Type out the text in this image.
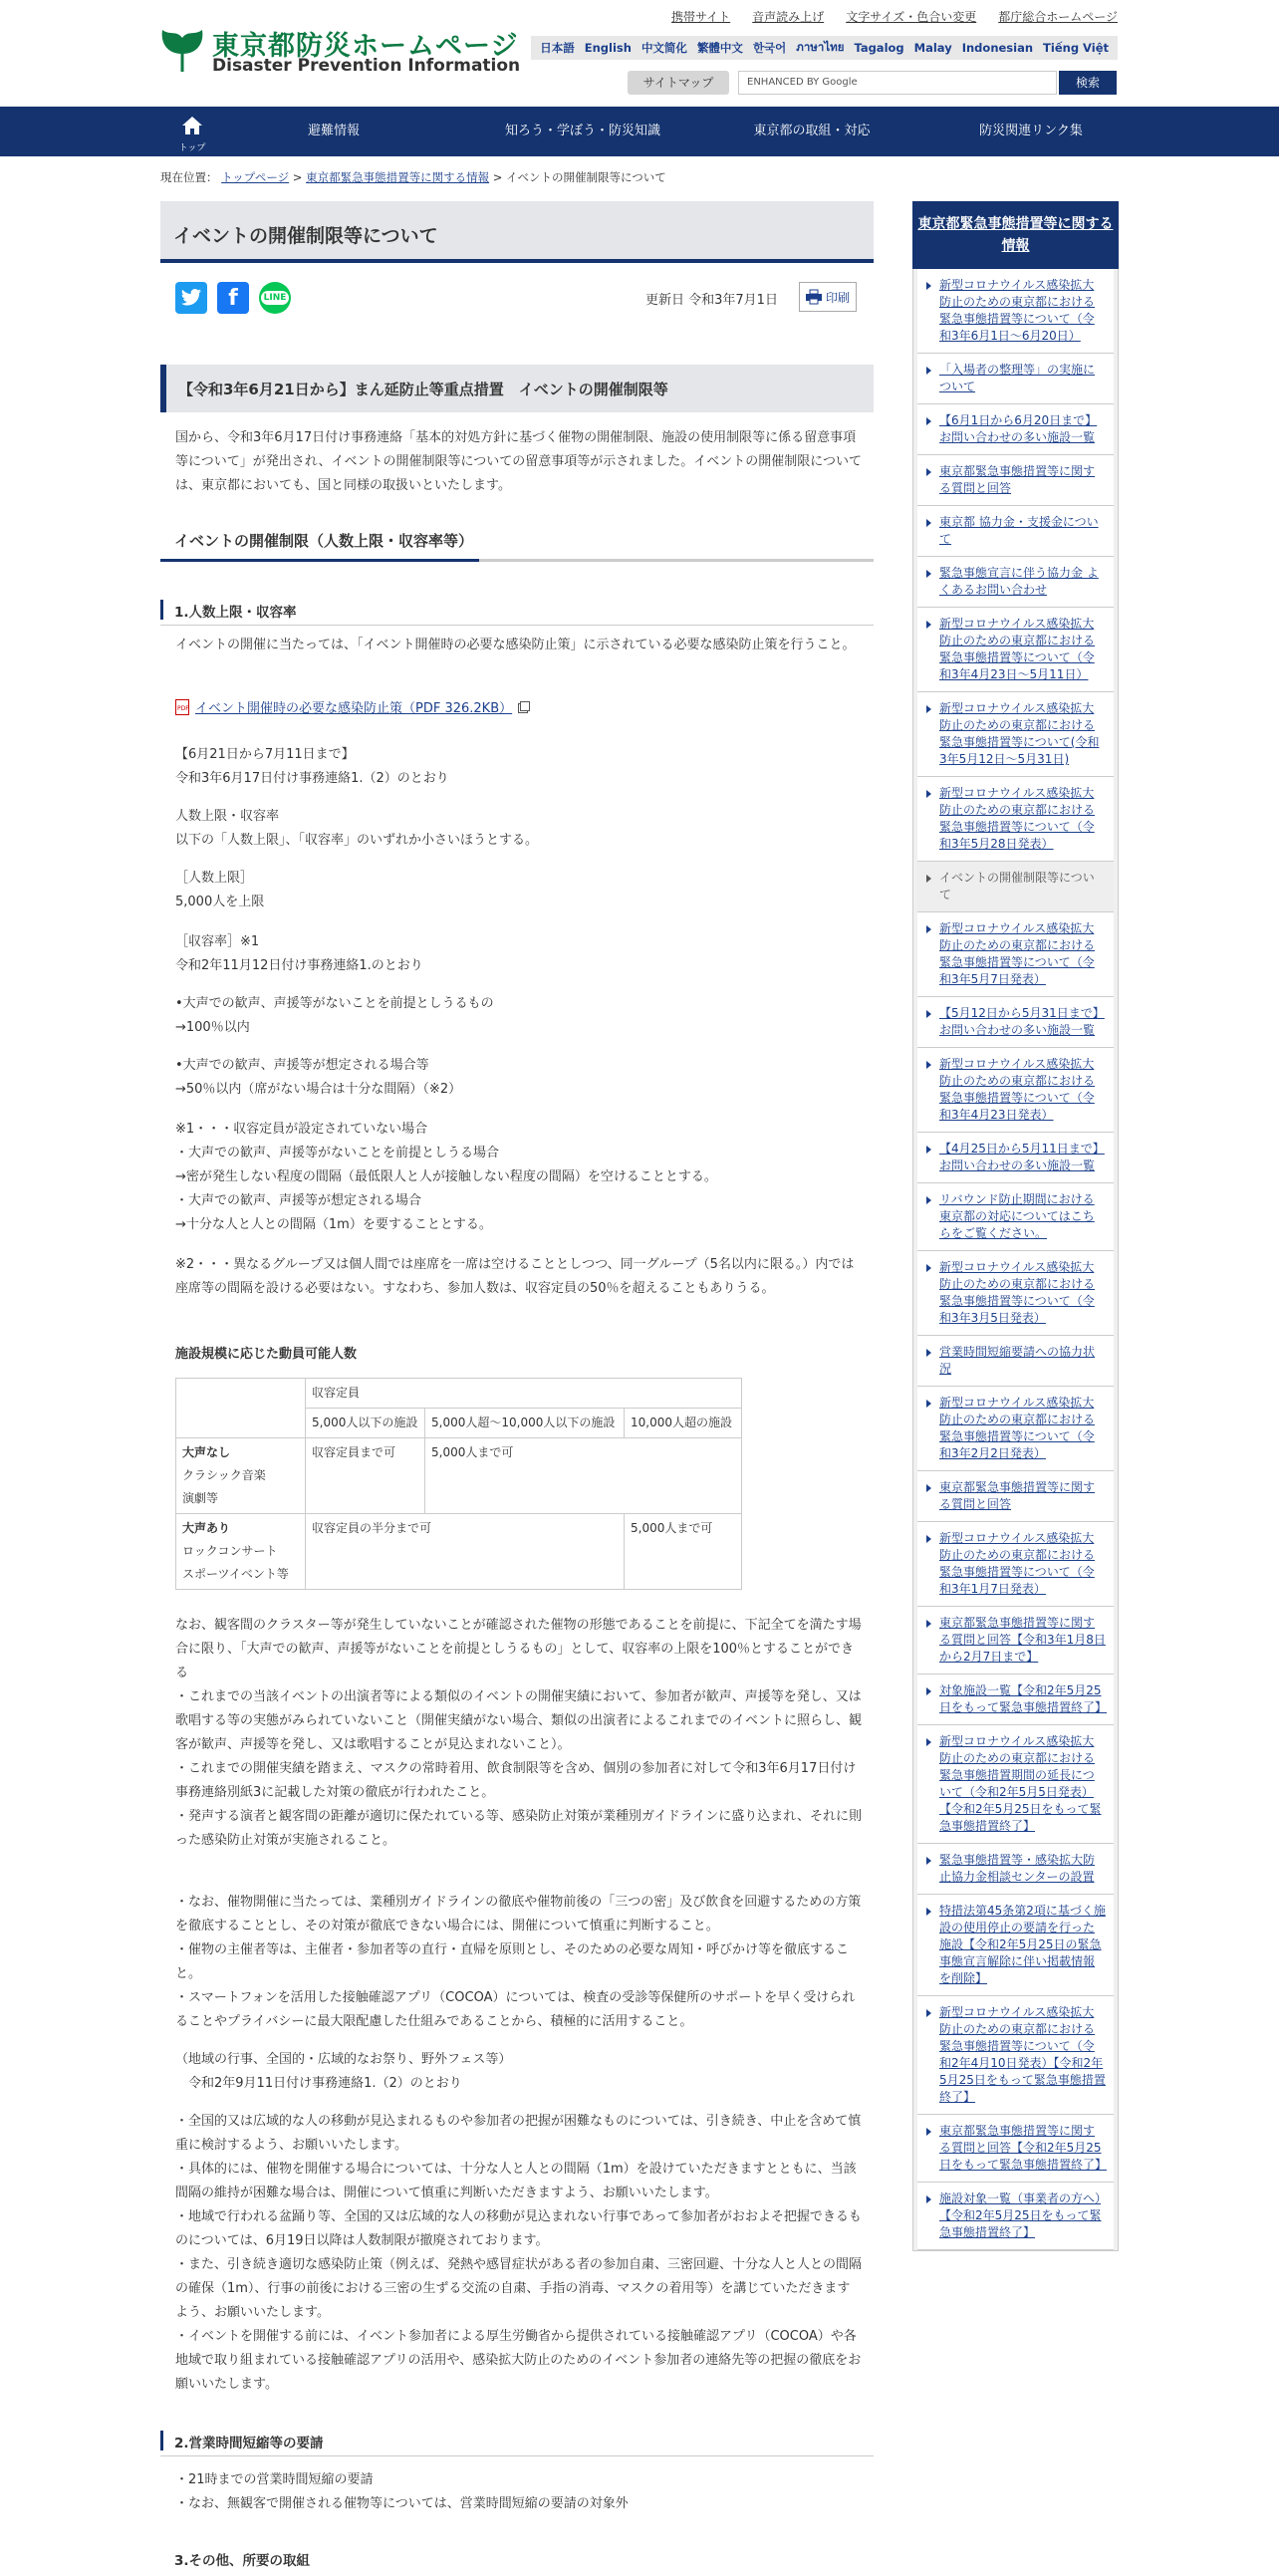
東京都防災ホームページ
Disaster Prevention Information
携帯サイト 音声読み上げ 文字サイズ・色合い変更 都庁総合ホームページ
日本語 English 中文简化 繁體中文 한국어 ภาษาไทย Tagalog Malay Indonesian Tiếng Việt
サイトマップ	ENHANCED BY Google	検索
トップ
避難情報	知ろう・学ぼう・防災知識	東京都の取組・対応	防災関連リンク集
現在位置： トップページ > 東京都緊急事態措置等に関する情報 > イベントの開催制限等について
イベントの開催制限等について
f	LINE	更新日 令和3年7月1日	印刷
【令和3年6月21日から】まん延防止等重点措置　イベントの開催制限等
国から、令和3年6月17日付け事務連絡「基本的対処方針に基づく催物の開催制限、施設の使用制限等に係る留意事項等について」が発出され、イベントの開催制限等についての留意事項等が示されました。イベントの開催制限については、東京都においても、国と同様の取扱いといたします。
イベントの開催制限（人数上限・収容率等）
1.人数上限・収容率
イベントの開催に当たっては、「イベント開催時の必要な感染防止策」に示されている必要な感染防止策を行うこと。
PDF イベント開催時の必要な感染防止策（PDF 326.2KB）
【6月21日から7月11日まで】
令和3年6月17日付け事務連絡1.（2）のとおり
人数上限・収容率
以下の「人数上限」、「収容率」のいずれか小さいほうとする。
［人数上限］
5,000人を上限
［収容率］※1
令和2年11月12日付け事務連絡1.のとおり
•大声での歓声、声援等がないことを前提としうるもの
→100％以内
•大声での歓声、声援等が想定される場合等
→50％以内（席がない場合は十分な間隔）（※2）
※1・・・収容定員が設定されていない場合
・大声での歓声、声援等がないことを前提としうる場合
→密が発生しない程度の間隔（最低限人と人が接触しない程度の間隔）を空けることとする。
・大声での歓声、声援等が想定される場合
→十分な人と人との間隔（1m）を要することとする。
※2・・・異なるグループ又は個人間では座席を一席は空けることとしつつ、同一グループ（5名以内に限る。）内では座席等の間隔を設ける必要はない。すなわち、参加人数は、収容定員の50％を超えることもありうる。
施設規模に応じた動員可能人数
	収容定員		
	5,000人以下の施設	5,000人超～10,000人以下の施設	10,000人超の施設
大声なし
クラシック音楽
演劇等	収容定員まで可	5,000人まで可	
大声あり
ロックコンサート
スポーツイベント等	収容定員の半分まで可		5,000人まで可
なお、観客間のクラスター等が発生していないことが確認された催物の形態であることを前提に、下記全てを満たす場合に限り、「大声での歓声、声援等がないことを前提としうるもの」として、収容率の上限を100％とすることができる
・これまでの当該イベントの出演者等による類似のイベントの開催実績において、参加者が歓声、声援等を発し、又は歌唱する等の実態がみられていないこと（開催実績がない場合、類似の出演者によるこれまでのイベントに照らし、観客が歓声、声援等を発し、又は歌唱することが見込まれないこと）。
・これまでの開催実績を踏まえ、マスクの常時着用、飲食制限等を含め、個別の参加者に対して令和3年6月17日付け事務連絡別紙3に記載した対策の徹底が行われたこと。
・発声する演者と観客間の距離が適切に保たれている等、感染防止対策が業種別ガイドラインに盛り込まれ、それに則った感染防止対策が実施されること。
・なお、催物開催に当たっては、業種別ガイドラインの徹底や催物前後の「三つの密」及び飲食を回避するための方策を徹底することとし、その対策が徹底できない場合には、開催について慎重に判断すること。
・催物の主催者等は、主催者・参加者等の直行・直帰を原則とし、そのための必要な周知・呼びかけ等を徹底すること。
・スマートフォンを活用した接触確認アプリ（COCOA）については、検査の受診等保健所のサポートを早く受けられることやプライバシーに最大限配慮した仕組みであることから、積極的に活用すること。
（地域の行事、全国的・広域的なお祭り、野外フェス等）
　令和2年9月11日付け事務連絡1.（2）のとおり
・全国的又は広域的な人の移動が見込まれるものや参加者の把握が困難なものについては、引き続き、中止を含めて慎重に検討するよう、お願いいたします。
・具体的には、催物を開催する場合については、十分な人と人との間隔（1m）を設けていただきますとともに、当該間隔の維持が困難な場合は、開催について慎重に判断いただきますよう、お願いいたします。
・地域で行われる盆踊り等、全国的又は広域的な人の移動が見込まれない行事であって参加者がおおよそ把握できるものについては、6月19日以降は人数制限が撤廃されております。
・また、引き続き適切な感染防止策（例えば、発熱や感冒症状がある者の参加自粛、三密回避、十分な人と人との間隔の確保（1m）、行事の前後における三密の生ずる交流の自粛、手指の消毒、マスクの着用等）を講じていただきますよう、お願いいたします。
・イベントを開催する前には、イベント参加者による厚生労働省から提供されている接触確認アプリ（COCOA）や各地域で取り組まれている接触確認アプリの活用や、感染拡大防止のためのイベント参加者の連絡先等の把握の徹底をお願いいたします。
2.営業時間短縮等の要請
・21時までの営業時間短縮の要請
・なお、無観客で開催される催物等については、営業時間短縮の要請の対象外
3.その他、所要の取組
東京都緊急事態措置等に関する情報
新型コロナウイルス感染拡大防止のための東京都における緊急事態措置等について（令和3年6月1日～6月20日）
「入場者の整理等」の実施について
【6月1日から6月20日まで】お問い合わせの多い施設一覧
東京都緊急事態措置等に関する質問と回答
東京都 協力金・支援金について
緊急事態宣言に伴う協力金 よくあるお問い合わせ
新型コロナウイルス感染拡大防止のための東京都における緊急事態措置等について（令和3年4月23日～5月11日）
新型コロナウイルス感染拡大防止のための東京都における緊急事態措置等について(令和3年5月12日～5月31日)
新型コロナウイルス感染拡大防止のための東京都における緊急事態措置等について（令和3年5月28日発表）
イベントの開催制限等について
新型コロナウイルス感染拡大防止のための東京都における緊急事態措置等について（令和3年5月7日発表）
【5月12日から5月31日まで】お問い合わせの多い施設一覧
新型コロナウイルス感染拡大防止のための東京都における緊急事態措置等について（令和3年4月23日発表）
【4月25日から5月11日まで】お問い合わせの多い施設一覧
リバウンド防止期間における東京都の対応についてはこちらをご覧ください。
新型コロナウイルス感染拡大防止のための東京都における緊急事態措置等について（令和3年3月5日発表）
営業時間短縮要請への協力状況
新型コロナウイルス感染拡大防止のための東京都における緊急事態措置等について（令和3年2月2日発表）
東京都緊急事態措置等に関する質問と回答
新型コロナウイルス感染拡大防止のための東京都における緊急事態措置等について（令和3年1月7日発表）
東京都緊急事態措置等に関する質問と回答【令和3年1月8日から2月7日まで】
対象施設一覧【令和2年5月25日をもって緊急事態措置終了】
新型コロナウイルス感染拡大防止のための東京都における緊急事態措置期間の延長について（令和2年5月5日発表）【令和2年5月25日をもって緊急事態措置終了】
緊急事態措置等・感染拡大防止協力金相談センターの設置
特措法第45条第2項に基づく施設の使用停止の要請を行った施設【令和2年5月25日の緊急事態宣言解除に伴い掲載情報を削除】
新型コロナウイルス感染拡大防止のための東京都における緊急事態措置等について（令和2年4月10日発表）【令和2年5月25日をもって緊急事態措置終了】
東京都緊急事態措置等に関する質問と回答【令和2年5月25日をもって緊急事態措置終了】
施設対象一覧（事業者の方へ）【令和2年5月25日をもって緊急事態措置終了】
